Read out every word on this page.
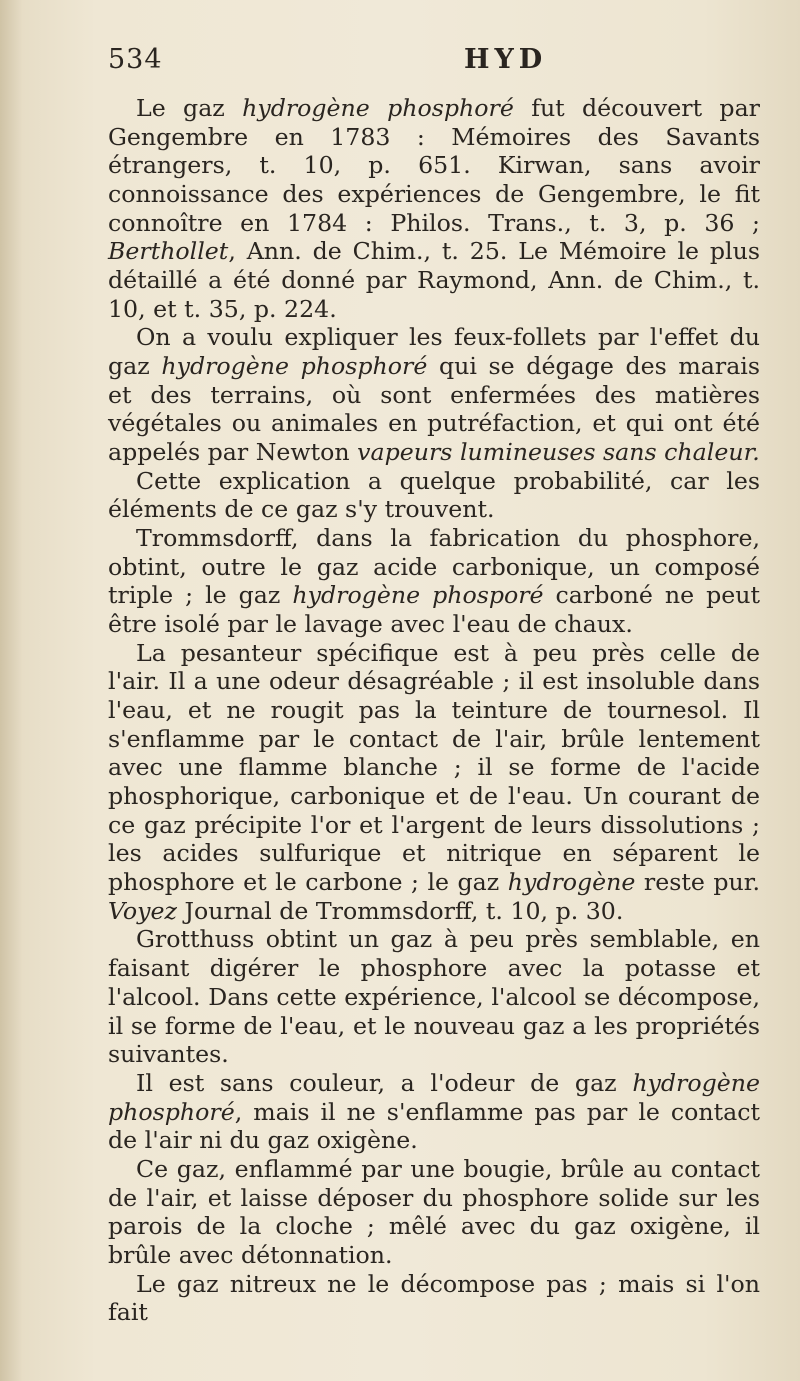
534	HYD

Le gaz hydrogène phosphoré fut découvert par Gengembre en 1783 : Mémoires des Savants étrangers, t. 10, p. 651. Kirwan, sans avoir connoissance des expériences de Gengembre, le fit connoître en 1784 : Philos. Trans., t. 3, p. 36 ; Berthollet, Ann. de Chim., t. 25. Le Mémoire le plus détaillé a été donné par Raymond, Ann. de Chim., t. 10, et t. 35, p. 224.

On a voulu expliquer les feux-follets par l'effet du gaz hydrogène phosphoré qui se dégage des marais et des terrains, où sont enfermées des matières végétales ou animales en putréfaction, et qui ont été appelés par Newton vapeurs lumineuses sans chaleur.

Cette explication a quelque probabilité, car les éléments de ce gaz s'y trouvent.

Trommsdorff, dans la fabrication du phosphore, obtint, outre le gaz acide carbonique, un composé triple ; le gaz hydrogène phosporé carboné ne peut être isolé par le lavage avec l'eau de chaux.

La pesanteur spécifique est à peu près celle de l'air. Il a une odeur désagréable ; il est insoluble dans l'eau, et ne rougit pas la teinture de tournesol. Il s'enflamme par le contact de l'air, brûle lentement avec une flamme blanche ; il se forme de l'acide phosphorique, carbonique et de l'eau. Un courant de ce gaz précipite l'or et l'argent de leurs dissolutions ; les acides sulfurique et nitrique en séparent le phosphore et le carbone ; le gaz hydrogène reste pur. Voyez Journal de Trommsdorff, t. 10, p. 30.

Grotthuss obtint un gaz à peu près semblable, en faisant digérer le phosphore avec la potasse et l'alcool. Dans cette expérience, l'alcool se décompose, il se forme de l'eau, et le nouveau gaz a les propriétés suivantes.

Il est sans couleur, a l'odeur de gaz hydrogène phosphoré, mais il ne s'enflamme pas par le contact de l'air ni du gaz oxigène.

Ce gaz, enflammé par une bougie, brûle au contact de l'air, et laisse déposer du phosphore solide sur les parois de la cloche ; mêlé avec du gaz oxigène, il brûle avec détonnation.

Le gaz nitreux ne le décompose pas ; mais si l'on fait
